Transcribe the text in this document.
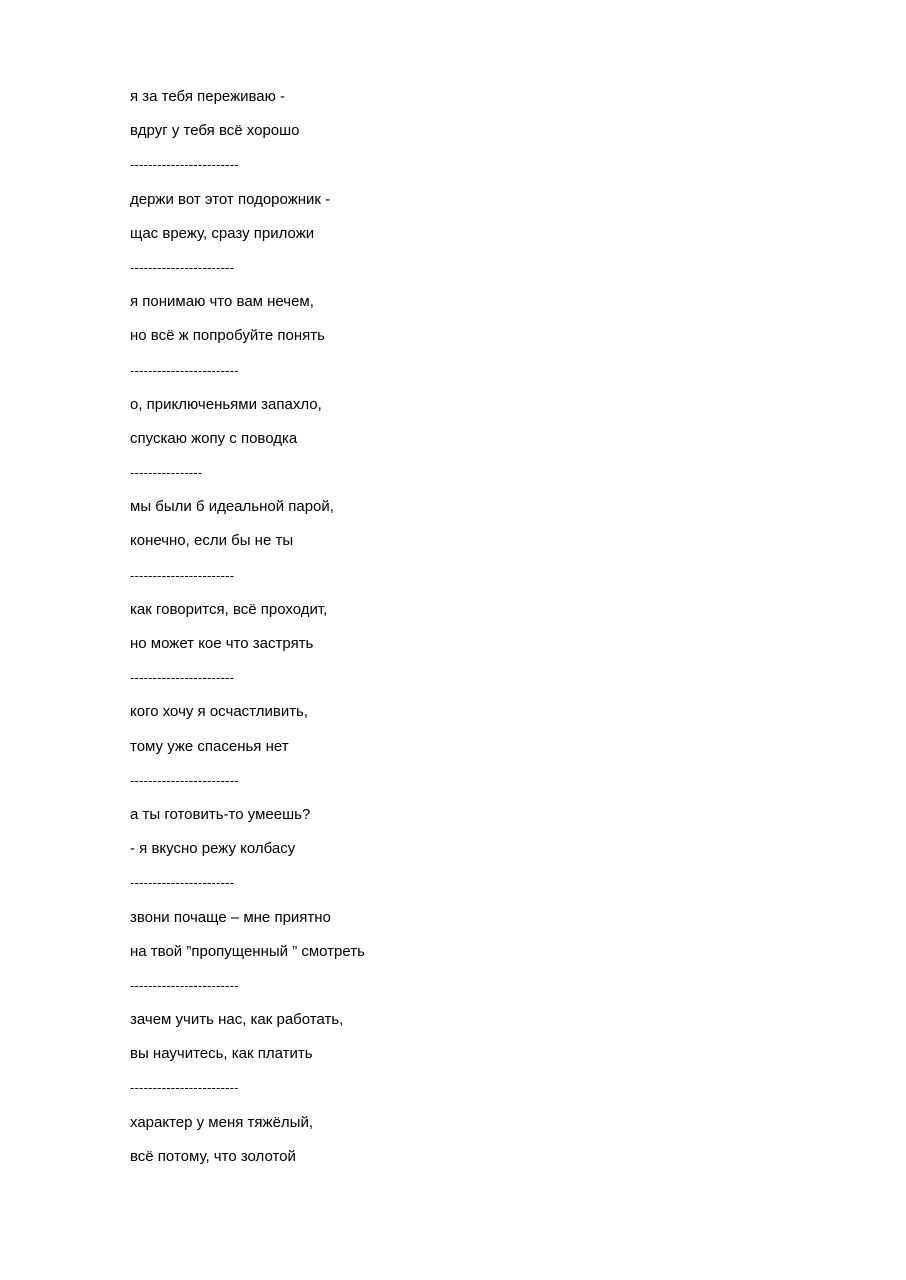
я за тебя переживаю -
вдруг у тебя всё хорошо
------------------------
держи вот этот подорожник -
щас врежу, сразу приложи
-----------------------
я понимаю что вам нечем,
но всё ж попробуйте понять
------------------------
о, приключеньями запахло,
спускаю жопу с поводка
----------------
мы были б идеальной парой,
конечно, если бы не ты
-----------------------
как говорится, всё проходит,
но может кое что застрять
-----------------------
кого хочу я осчастливить,
тому уже спасенья нет
------------------------
а ты готовить-то умеешь?
- я вкусно режу колбасу
-----------------------
звони почаще – мне приятно
на твой ”пропущенный ” смотреть
------------------------
зачем учить нас, как работать,
вы научитесь, как платить
------------------------
характер у меня тяжёлый,
всё потому, что золотой
